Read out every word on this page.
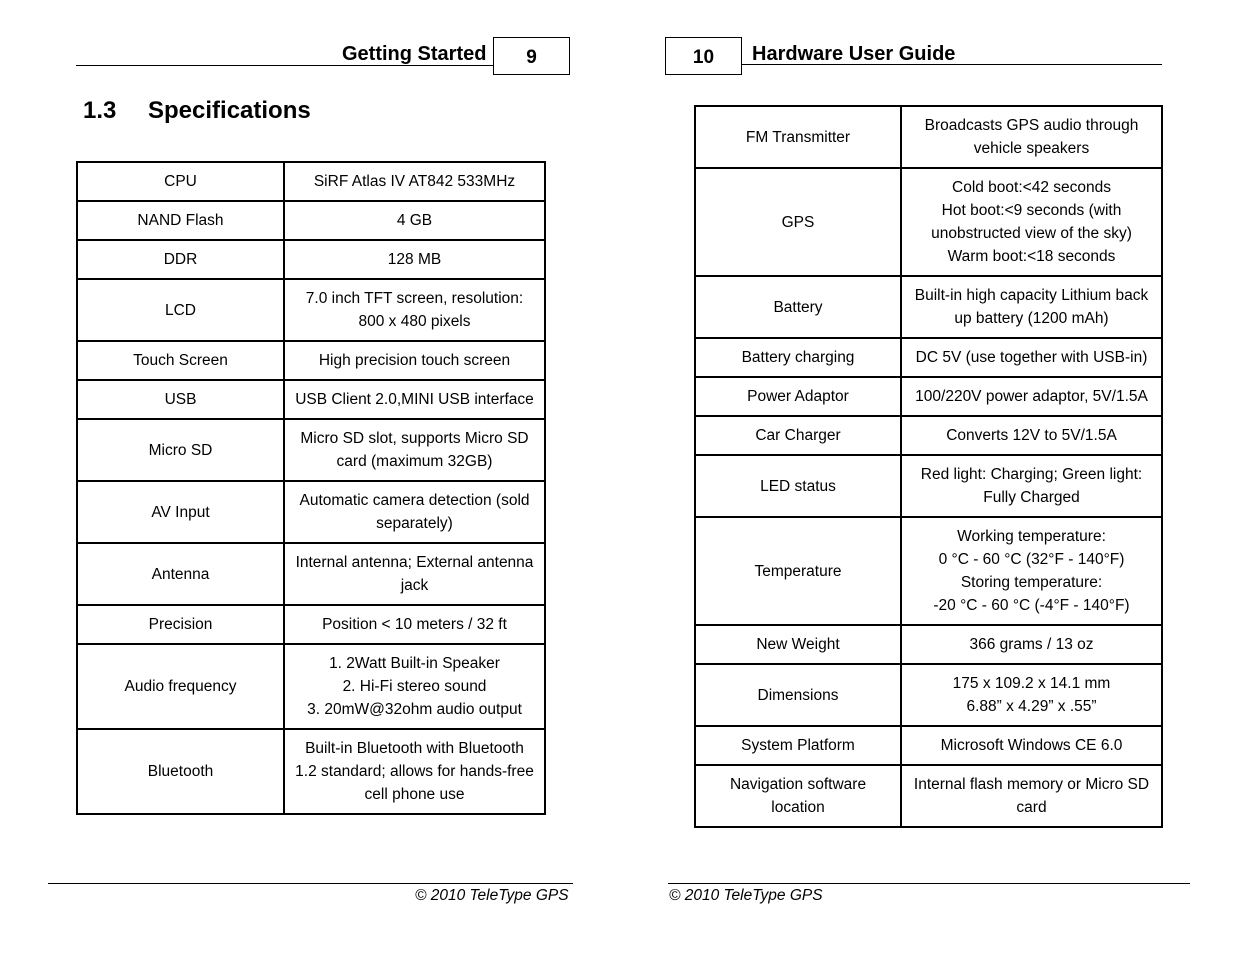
Getting Started	9
1.3 Specifications
CPU	SiRF Atlas IV AT842 533MHz
NAND Flash	4 GB
DDR	128 MB
LCD	7.0 inch TFT screen, resolution:
800 x 480 pixels
Touch Screen	High precision touch screen
USB	USB Client 2.0,MINI USB interface
Micro SD	Micro SD slot, supports Micro SD
card (maximum 32GB)
AV Input	Automatic camera detection (sold
separately)
Antenna	Internal antenna; External antenna
jack
Precision	Position < 10 meters / 32 ft
Audio frequency	1. 2Watt Built-in Speaker
2. Hi-Fi stereo sound
3. 20mW@32ohm audio output
Bluetooth	Built-in Bluetooth with Bluetooth
1.2 standard; allows for hands-free
cell phone use
© 2010 TeleType GPS
10	Hardware User Guide
FM Transmitter	Broadcasts GPS audio through
vehicle speakers
GPS	Cold boot:<42 seconds
Hot boot:<9 seconds (with
unobstructed view of the sky)
Warm boot:<18 seconds
Battery	Built-in high capacity Lithium back
up battery (1200 mAh)
Battery charging	DC 5V (use together with USB-in)
Power Adaptor	100/220V power adaptor, 5V/1.5A
Car Charger	Converts 12V to 5V/1.5A
LED status	Red light: Charging; Green light:
Fully Charged
Temperature	Working temperature:
0 °C - 60 °C (32°F - 140°F)
Storing temperature:
-20 °C - 60 °C (-4°F - 140°F)
New Weight	366 grams / 13 oz
Dimensions	175 x 109.2 x 14.1 mm
6.88” x 4.29” x .55”
System Platform	Microsoft Windows CE 6.0
Navigation software
location	Internal flash memory or Micro SD
card
© 2010 TeleType GPS
